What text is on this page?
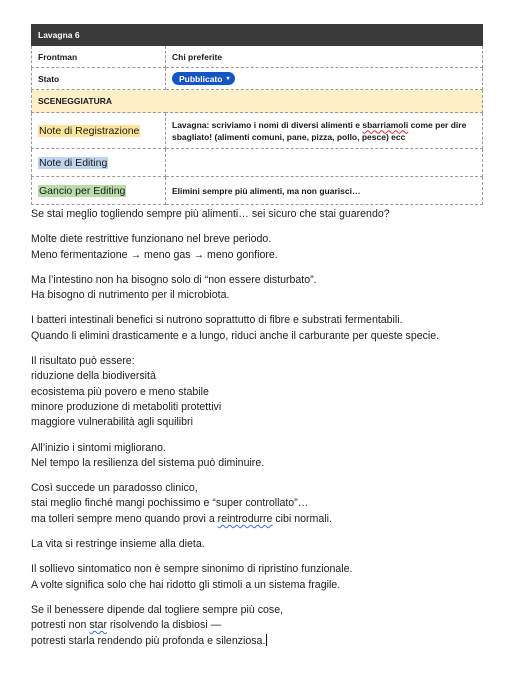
Lavagna 6	
Frontman	Chi preferite
Stato	Pubblicato ▾

SCENEGGIATURA	
Note di Registrazione	Lavagna: scriviamo i nomi di diversi alimenti e sbarriamoli come per dire sbagliato! (alimenti comuni, pane, pizza, pollo, pesce) ecc

Note di Editing	
Gancio per Editing	Elimini sempre più alimenti, ma non guarisci…

Se stai meglio togliendo sempre più alimenti… sei sicuro che stai guarendo?

Molte diete restrittive funzionano nel breve periodo.
Meno fermentazione → meno gas → meno gonfiore.

Ma l’intestino non ha bisogno solo di “non essere disturbato”.
Ha bisogno di nutrimento per il microbiota.

I batteri intestinali benefici si nutrono soprattutto di fibre e substrati fermentabili.
Quando li elimini drasticamente e a lungo, riduci anche il carburante per queste specie.

Il risultato può essere:
riduzione della biodiversità
ecosistema più povero e meno stabile
minore produzione di metaboliti protettivi
maggiore vulnerabilità agli squilibri

All’inizio i sintomi migliorano.
Nel tempo la resilienza del sistema può diminuire.

Così succede un paradosso clinico,
stai meglio finché mangi pochissimo e “super controllato”…
ma tolleri sempre meno quando provi a reintrodurre cibi normali.

La vita si restringe insieme alla dieta.

Il sollievo sintomatico non è sempre sinonimo di ripristino funzionale.
A volte significa solo che hai ridotto gli stimoli a un sistema fragile.

Se il benessere dipende dal togliere sempre più cose,
potresti non star risolvendo la disbiosi —
potresti starla rendendo più profonda e silenziosa.
